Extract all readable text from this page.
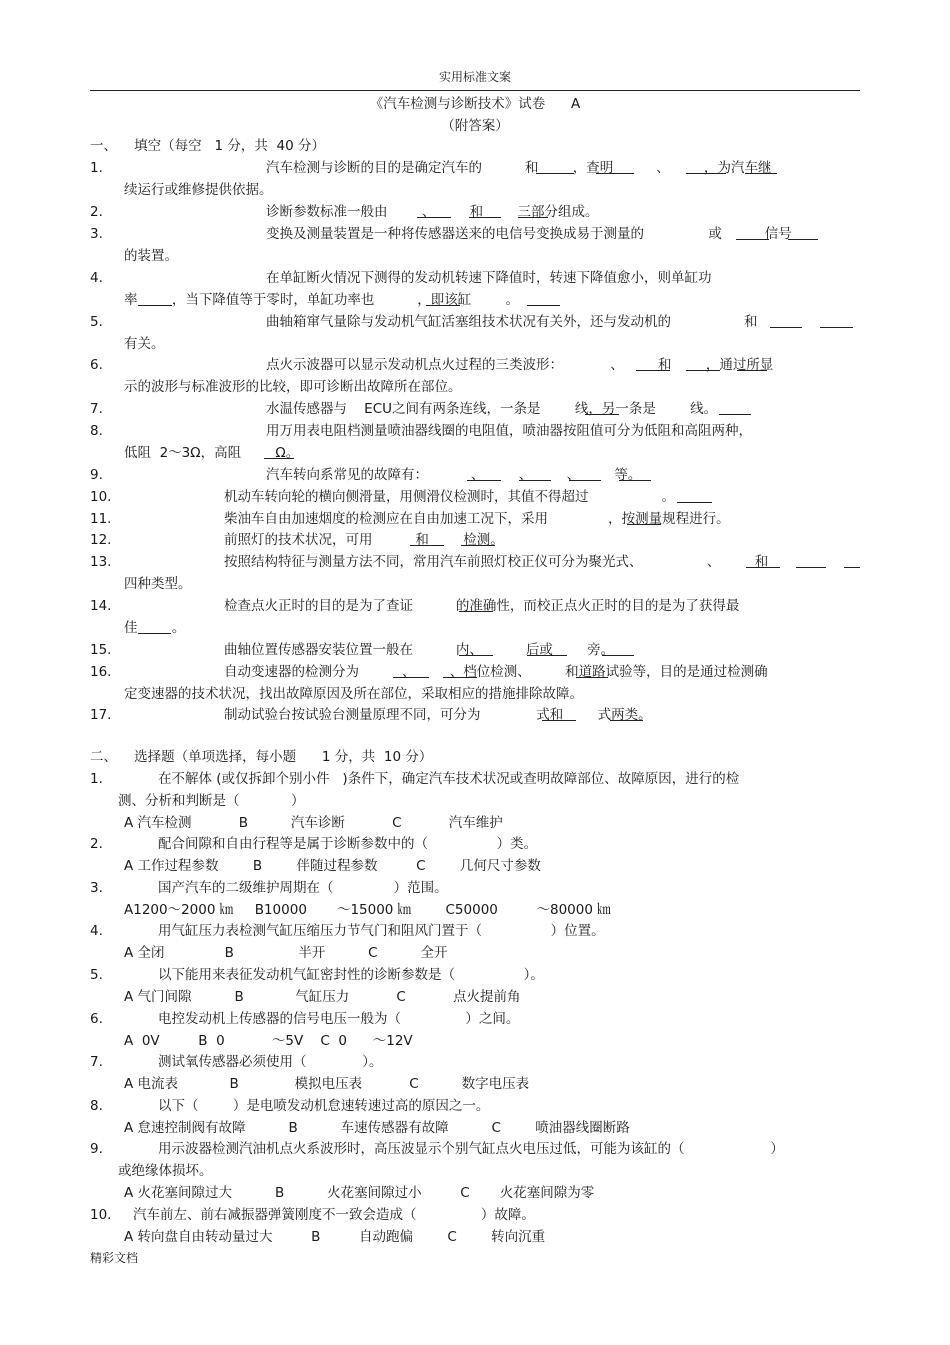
实用标准文案
《汽车检测与诊断技术》试卷      A
（附答案）
一、    填空（每空   1 分，共  40 分）
二、    选择题（单项选择，每小题      1 分，共  10 分）
1.	汽车检测与诊断的目的是确定汽车的          和        ，查明          、        ，为汽车继
续运行或维修提供依据。
2.	诊断参数标准一般由        、        和        三部分组成。
3.	变换及测量装置是一种将传感器送来的电信号变换成易于测量的               或          信号
的装置。
4.	在单缸断火情况下测得的发动机转速下降值时，转速下降值愈小，则单缸功
率        ，当下降值等于零时，单缸功率也          ，即该缸        。
5.	曲轴箱窜气量除与发动机气缸活塞组技术状况有关外，还与发动机的                 和
有关。
6.	点火示波器可以显示发动机点火过程的三类波形：           、        和        ，通过所显
示的波形与标准波形的比较，即可诊断出故障所在部位。
7.	水温传感器与    ECU之间有两条连线，一条是        线，另一条是        线。
8.	用万用表电阻档测量喷油器线圈的电阻值，喷油器按阻值可分为低阻和高阻两种，
低阻  2～3Ω，高阻        Ω。
9.	汽车转向系常见的故障有：          、        、        、        等。
10.	机动车转向轮的横向侧滑量，用侧滑仪检测时，其值不得超过                 。
11.	柴油车自由加速烟度的检测应在自由加速工况下，采用              ，按测量规程进行。
12.	前照灯的技术状况，可用          和        检测。
13.	按照结构特征与测量方法不同，常用汽车前照灯校正仪可分为聚光式、               、        和
四种类型。
14.	检查点火正时的目的是为了查证          的准确性，而校正点火正时的目的是为了获得最
佳        。
15.	曲轴位置传感器安装位置一般在          内、          后或        旁。
16.	自动变速器的检测分为          、        、档位检测、        和道路试验等，目的是通过检测确
定变速器的技术状况，找出故障原因及所在部位，采取相应的措施排除故障。
17.	制动试验台按试验台测量原理不同，可分为             式和        式两类。
1.	在不解体 (或仅拆卸个别小件   )条件下，确定汽车技术状况或查明故障部位、故障原因，进行的检
测、分析和判断是（            ）
A 汽车检测           B          汽车诊断           C           汽车维护
2.	配合间隙和自由行程等是属于诊断参数中的（                ）类。
A 工作过程参数        B        伴随过程参数         C        几何尺寸参数
3.	国产汽车的二级维护周期在（              ）范围。
A1200～2000 ㎞     B10000       ～15000 ㎞        C50000         ～80000 ㎞
4.	用气缸压力表检测气缸压缩压力节气门和阻风门置于（                ）位置。
A 全闭              B               半开          C          全开
5.	以下能用来表征发动机气缸密封性的诊断参数是（                ）。
A 气门间隙          B            气缸压力           C           点火提前角
6.	电控发动机上传感器的信号电压一般为（               ）之间。
A  0V         B  0           ～5V    C  0      ～12V
7.	测试氧传感器必须使用（             ）。
A 电流表            B             模拟电压表           C          数字电压表
8.	以下（        ）是电喷发动机怠速转速过高的原因之一。
A 怠速控制阀有故障          B          车速传感器有故障          C        喷油器线圈断路
9.	用示波器检测汽油机点火系波形时，高压波显示个别气缸点火电压过低，可能为该缸的（                    ）
或绝缘体损坏。
A 火花塞间隙过大          B          火花塞间隙过小         C       火花塞间隙为零
10. 汽车前左、前右减振器弹簧刚度不一致会造成（               ）故障。
A 转向盘自由转动量过大         B         自动跑偏        C        转向沉重
精彩文档
